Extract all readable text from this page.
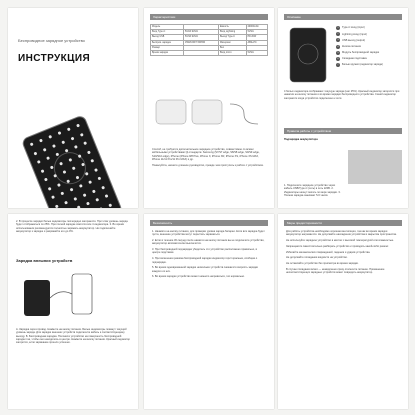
Беспроводное зарядное устройство
ИНСТРУКЦИЯ
Характеристики
Модель		Ёмкость	20000mAh
Вход Type-C	5V/2A 9V/2A	Вход Lightning	5V/2A
Выход USB	5V/3A 9V/2A	Выход Type-C	PD 20W
Беспров. зарядка	15W/10W/7.5W/5W	Материал	ABS+PC
Размер		Вес	
Время зарядки		Вход micro	5V/2A
Способ, не требуется дополнительное зарядное устройство, совместимое со всеми мобильными устройствами Qi-стандарта: Samsung (S7/S7 edge, S8/S8 edge, S9/S9 edge, S10/S10 edge), iPhone (iPhone 8/8 Plus, iPhone X, iPhone XR, iPhone XS, iPhone XS MAX, iPhone 11/11 Pro/11 Pro MAX) и др.
Пожалуйста, начните длинное руководство, прежде чем приступать к работе с устройством.
Описание
1	Type-C вход (input)
2	Lightning вход (input)
3	USB выход (output)
4	Кнопка питания
5	Модуль беспроводной зарядки
6	Складная подставка
7	Белые кружки (индикатор заряда)
4 белых индикатора отображают текущую заряда (шаг 25%). Красный индикатор загорится при нажатии на кнопку питания и во время зарядки беспроводного устройства. Синий индикатор загорается когда устройство подключено к сети.
Правила работы с устройством
Подзарядка аккумулятора
1. Подключите зарядное устройство через кабель USB/Type-C (сеть) в сеть 220В. 2. Индикаторы начнут мигать по мере зарядки. 3. Полная зарядка занимает 5-6 часов.
2. В процессе зарядки белые индикаторы поочередно загораются. При этом уровень заряда будет отображаться по 25%. При полной зарядке светятся все 4 индикатора. 3. Во время использования рекомендуется полностью заряжать аккумулятор. Не подключайте аккумулятор к зарядке и разряжайте его до 0%.
Зарядка внешних устройств
А. Зарядка через провод. Нажмите на кнопку питания. Белые индикаторы покажут текущий уровень заряда. Для зарядки внешних устройств подключите кабель к соответствующему выходу. Б. Беспроводная зарядка. Положите устройство на поверхность беспроводной зарядки так, чтобы оно находилось в центре. Нажмите на кнопку питания. Красный индикатор загорится, если заряжание прошло успешно.
Безопасность
1. Нажмите на кнопку питания, для проверки уровня заряда батареи. Если вся зарядка будет пуста, внешние устройства могут перестать заряжаться.
2. Если в течение 30 секунд после нажатия на кнопку питания вы не подключите устройство, аккумулятор автоматически выключится.
3. При беспроводной подзарядке убедитесь что устройство расположено правильно, в центре подставки.
4. При включении режима беспроводной зарядки индикатор горит красным, сообщая о подзарядке.
5. Во время одновременной зарядки нескольких устройств снижается скорость зарядки каждого из них.
6. Во время зарядки устройство может немного нагреваться, это нормально.
Меры предосторожности
Для работы устройства необходимо хорошая вентиляция, так как во время зарядки аккумулятор нагревается. Не допускайте нахождения устройства в закрытом пространстве.
Не используйте зарядное устройство в местах с высокой температурой или влажностью.
Запрещается самостоятельно разбирать устройство и проводить какой-либо ремонт.
Избегайте механических повреждений, падения и ударов устройства.
Не допускайте попадания жидкости на устройство.
Не оставляйте устройство без присмотра во время зарядки.
В случае попадания влаги — немедленно сразу отключите питание. Применение несоответствующих зарядных устройств может повредить аккумулятор.
